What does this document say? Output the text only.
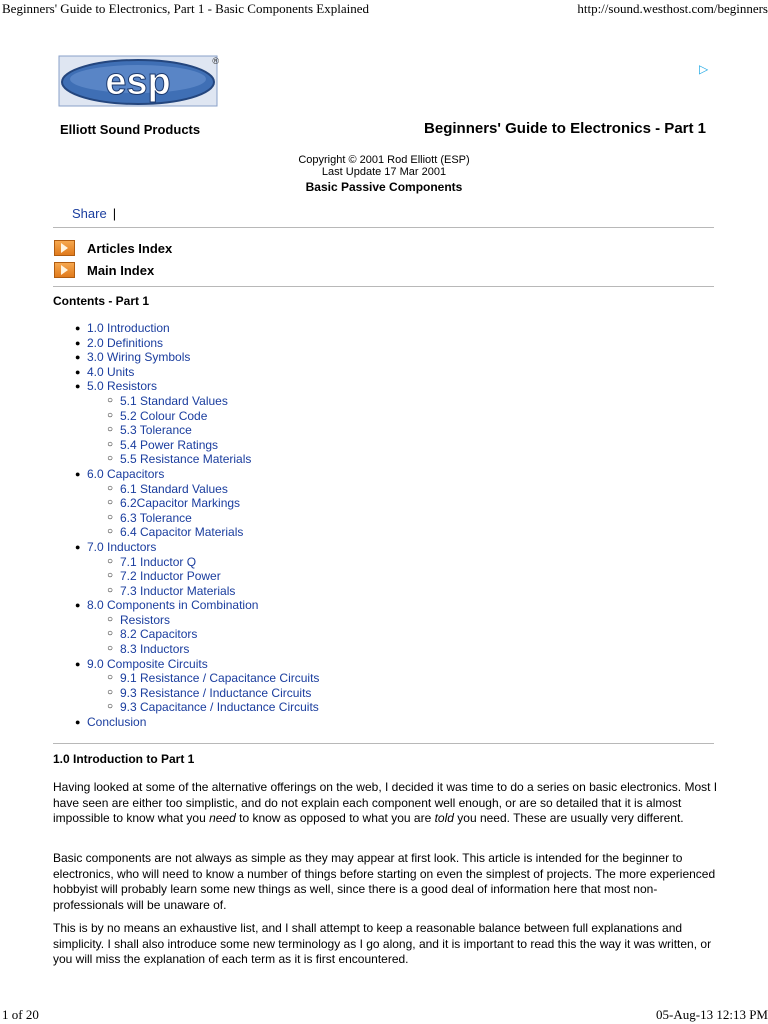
Beginners' Guide to Electronics, Part 1 - Basic Components Explained	http://sound.westhost.com/beginners
esp	®
▷
Elliott Sound Products	Beginners' Guide to Electronics - Part 1
Copyright © 2001 Rod Elliott (ESP)
Last Update 17 Mar 2001
Basic Passive Components
Share |
Articles Index
Main Index
Contents - Part 1
● 1.0 Introduction
● 2.0 Definitions
● 3.0 Wiring Symbols
● 4.0 Units
● 5.0 Resistors
○ 5.1 Standard Values
○ 5.2 Colour Code
○ 5.3 Tolerance
○ 5.4 Power Ratings
○ 5.5 Resistance Materials
● 6.0 Capacitors
○ 6.1 Standard Values
○ 6.2Capacitor Markings
○ 6.3 Tolerance
○ 6.4 Capacitor Materials
● 7.0 Inductors
○ 7.1 Inductor Q
○ 7.2 Inductor Power
○ 7.3 Inductor Materials
● 8.0 Components in Combination
○ Resistors
○ 8.2 Capacitors
○ 8.3 Inductors
● 9.0 Composite Circuits
○ 9.1 Resistance / Capacitance Circuits
○ 9.3 Resistance / Inductance Circuits
○ 9.3 Capacitance / Inductance Circuits
● Conclusion
1.0 Introduction to Part 1
Having looked at some of the alternative offerings on the web, I decided it was time to do a series on basic electronics. Most I have seen are either too simplistic, and do not explain each component well enough, or are so detailed that it is almost impossible to know what you need to know as opposed to what you are told you need. These are usually very different.
Basic components are not always as simple as they may appear at first look. This article is intended for the beginner to electronics, who will need to know a number of things before starting on even the simplest of projects. The more experienced hobbyist will probably learn some new things as well, since there is a good deal of information here that most non-professionals will be unaware of.
This is by no means an exhaustive list, and I shall attempt to keep a reasonable balance between full explanations and simplicity. I shall also introduce some new terminology as I go along, and it is important to read this the way it was written, or you will miss the explanation of each term as it is first encountered.
1 of 20	05-Aug-13 12:13 PM
